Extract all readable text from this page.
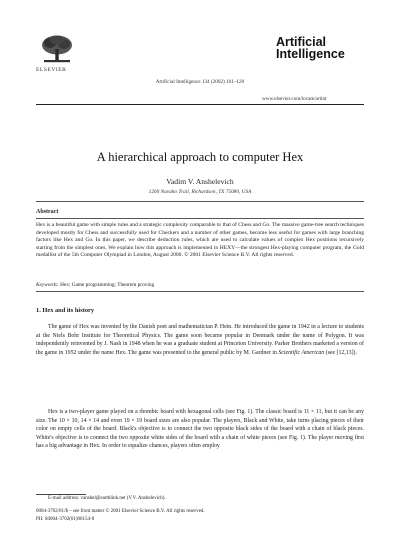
ELSEVIER
Artificial Intelligence 134 (2002) 101–120
Artificial
Intelligence
www.elsevier.com/locate/artint
A hierarchical approach to computer Hex
Vadim V. Anshelevich
1260 Navaho Trail, Richardson, TX 75080, USA
Abstract
Hex is a beautiful game with simple rules and a strategic complexity comparable to that of Chess and Go. The massive game-tree search techniques developed mostly for Chess and successfully used for Checkers and a number of other games, become less useful for games with large branching factors like Hex and Go. In this paper, we describe deduction rules, which are used to calculate values of complex Hex positions recursively starting from the simplest ones. We explain how this approach is implemented in HEXY—the strongest Hex-playing computer program, the Gold medallist of the 5th Computer Olympiad in London, August 2000. © 2001 Elsevier Science B.V. All rights reserved.
Keywords: Hex; Game programming; Theorem proving
1. Hex and its history
The game of Hex was invented by the Danish poet and mathematician P. Hein. He introduced the game in 1942 in a lecture to students at the Niels Bohr Institute for Theoretical Physics. The game soon became popular in Denmark under the name of Polygon. It was independently reinvented by J. Nash in 1948 when he was a graduate student at Princeton University. Parker Brothers marketed a version of the game in 1952 under the name Hex. The game was presented to the general public by M. Gardner in Scientific American (see [12,13]).
Hex is a two-player game played on a rhombic board with hexagonal cells (see Fig. 1). The classic board is 11 × 11, but it can be any size. The 10 × 10, 14 × 14 and even 19 × 19 board sizes are also popular. The players, Black and White, take turns placing pieces of their color on empty cells of the board. Black's objective is to connect the two opposite black sides of the board with a chain of black pieces. White's objective is to connect the two opposite white sides of the board with a chain of white pieces (see Fig. 1). The player moving first has a big advantage in Hex. In order to equalize chances, players often employ
E-mail address: vanshel@earthlink.net (V.V. Anshelevich).
0004-3702/01/$ – see front matter © 2001 Elsevier Science B.V. All rights reserved.
PII: S0004-3702(01)00154-0
